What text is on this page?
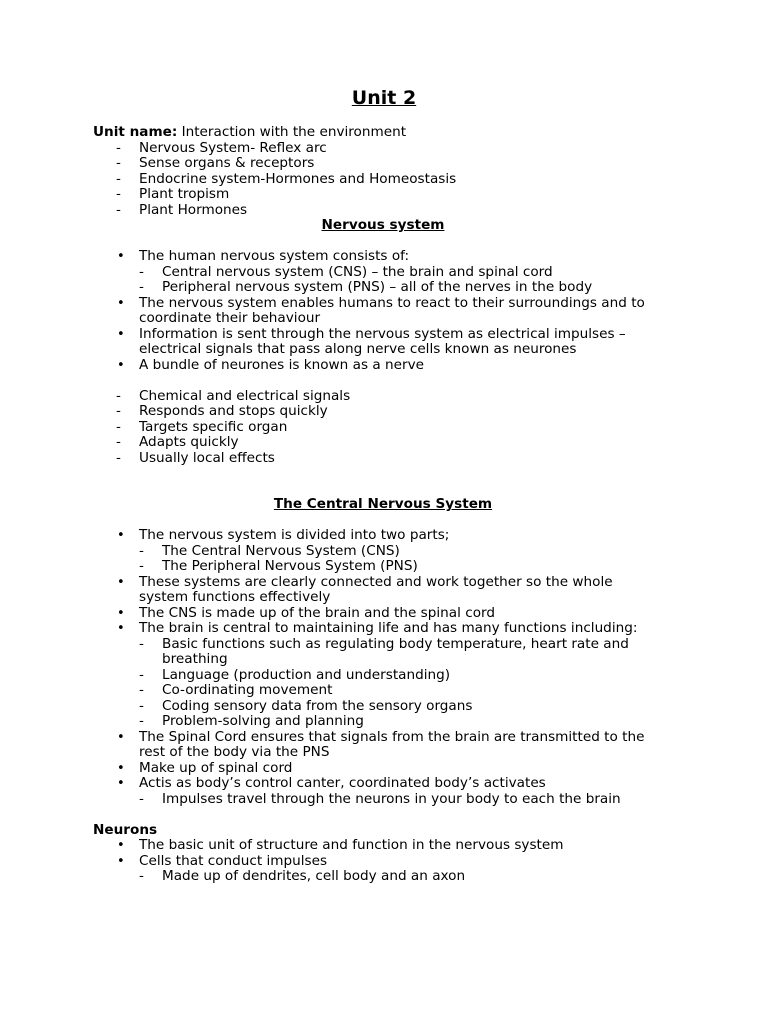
Unit 2
Unit name: Interaction with the environment
- Nervous System- Reflex arc
- Sense organs & receptors
- Endocrine system-Hormones and Homeostasis
- Plant tropism
- Plant Hormones
Nervous system
• The human nervous system consists of:
- Central nervous system (CNS) – the brain and spinal cord
- Peripheral nervous system (PNS) – all of the nerves in the body
• The nervous system enables humans to react to their surroundings and to
coordinate their behaviour
• Information is sent through the nervous system as electrical impulses –
electrical signals that pass along nerve cells known as neurones
• A bundle of neurones is known as a nerve
- Chemical and electrical signals
- Responds and stops quickly
- Targets specific organ
- Adapts quickly
- Usually local effects
The Central Nervous System
• The nervous system is divided into two parts;
- The Central Nervous System (CNS)
- The Peripheral Nervous System (PNS)
• These systems are clearly connected and work together so the whole
system functions effectively
• The CNS is made up of the brain and the spinal cord
• The brain is central to maintaining life and has many functions including:
- Basic functions such as regulating body temperature, heart rate and
breathing
- Language (production and understanding)
- Co-ordinating movement
- Coding sensory data from the sensory organs
- Problem-solving and planning
• The Spinal Cord ensures that signals from the brain are transmitted to the
rest of the body via the PNS
• Make up of spinal cord
• Actis as body’s control canter, coordinated body’s activates
- Impulses travel through the neurons in your body to each the brain
Neurons
• The basic unit of structure and function in the nervous system
• Cells that conduct impulses
- Made up of dendrites, cell body and an axon
